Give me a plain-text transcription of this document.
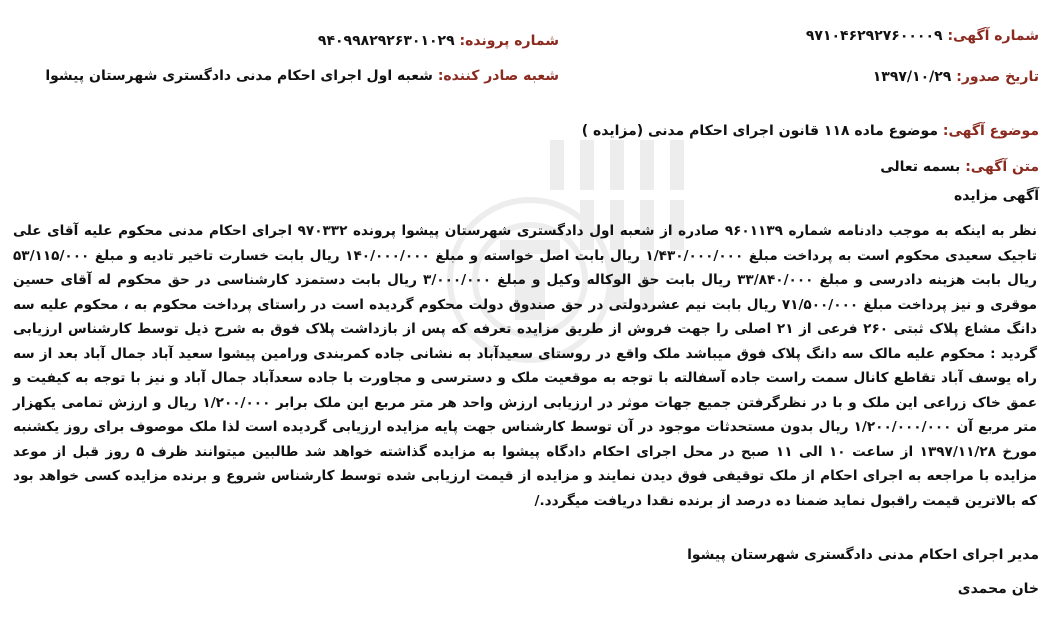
شماره آگهی: ۹۷۱۰۴۶۲۹۲۷۶۰۰۰۰۹
شماره پرونده: ۹۴۰۹۹۸۲۹۲۶۳۰۱۰۲۹
تاریخ صدور: ۱۳۹۷/۱۰/۲۹
شعبه صادر کننده: شعبه اول اجرای احکام مدنی دادگستری شهرستان پیشوا
موضوع آگهی: موضوع ماده ۱۱۸ قانون اجرای احکام مدنی (مزایده )
متن آگهی: بسمه تعالی
آگهی مزایده
نظر به اینکه به موجب دادنامه شماره ۹۶۰۱۱۳۹ صادره از شعبه اول دادگستری شهرستان پیشوا پرونده ۹۷۰۳۳۲ اجرای احکام مدنی محکوم علیه آقای علی تاجیک سعیدی محکوم است به پرداخت مبلغ ۱/۴۳۰/۰۰۰/۰۰۰ ریال بابت اصل خواسته و مبلغ ۱۴۰/۰۰۰/۰۰۰ ریال بابت خسارت تاخیر تادیه و مبلغ ۵۳/۱۱۵/۰۰۰ ریال بابت هزینه دادرسی و مبلغ ۳۳/۸۴۰/۰۰۰ ریال بابت حق الوکاله وکیل و مبلغ ۳/۰۰۰/۰۰۰ ریال بابت دستمزد کارشناسی در حق محکوم له آقای حسین موقری و نیز پرداخت مبلغ ۷۱/۵۰۰/۰۰۰ ریال بابت نیم عشردولتی در حق صندوق دولت محکوم گردیده است در راستای پرداخت محکوم به ، محکوم علیه سه دانگ مشاع پلاک ثبتی ۲۶۰ فرعی از ۲۱ اصلی را جهت فروش از طریق مزایده تعرفه که پس از بازداشت پلاک فوق به شرح ذیل توسط کارشناس ارزیابی گردید : محکوم علیه مالک سه دانگ پلاک فوق میباشد ملک واقع در روستای سعیدآباد به نشانی جاده کمربندی ورامین پیشوا سعید آباد جمال آباد بعد از سه راه یوسف آباد تقاطع کانال سمت راست جاده آسفالته با توجه به موقعیت ملک و دسترسی و مجاورت با جاده سعدآباد جمال آباد و نیز با توجه به کیفیت و عمق خاک زراعی این ملک و با در نظرگرفتن جمیع جهات موثر در ارزیابی ارزش واحد هر متر مربع این ملک برابر ۱/۲۰۰/۰۰۰ ریال و ارزش تمامی یکهزار متر مربع آن ۱/۲۰۰/۰۰۰/۰۰۰ ریال بدون مستحدثات موجود در آن توسط کارشناس جهت پایه مزایده ارزیابی گردیده است لذا ملک موصوف برای روز یکشنبه مورخ ۱۳۹۷/۱۱/۲۸ از ساعت ۱۰ الی ۱۱ صبح در محل اجرای احکام دادگاه پیشوا به مزایده گذاشته خواهد شد طالبین میتوانند ظرف ۵ روز قبل از موعد مزایده با مراجعه به اجرای احکام از ملک توقیفی فوق دیدن نمایند و مزایده از قیمت ارزیابی شده توسط کارشناس شروع و برنده مزایده کسی خواهد بود که بالاترین قیمت راقبول نماید ضمنا ده درصد از برنده نقدا دریافت میگردد./
مدیر اجرای احکام مدنی دادگستری شهرستان پیشوا
خان محمدی
